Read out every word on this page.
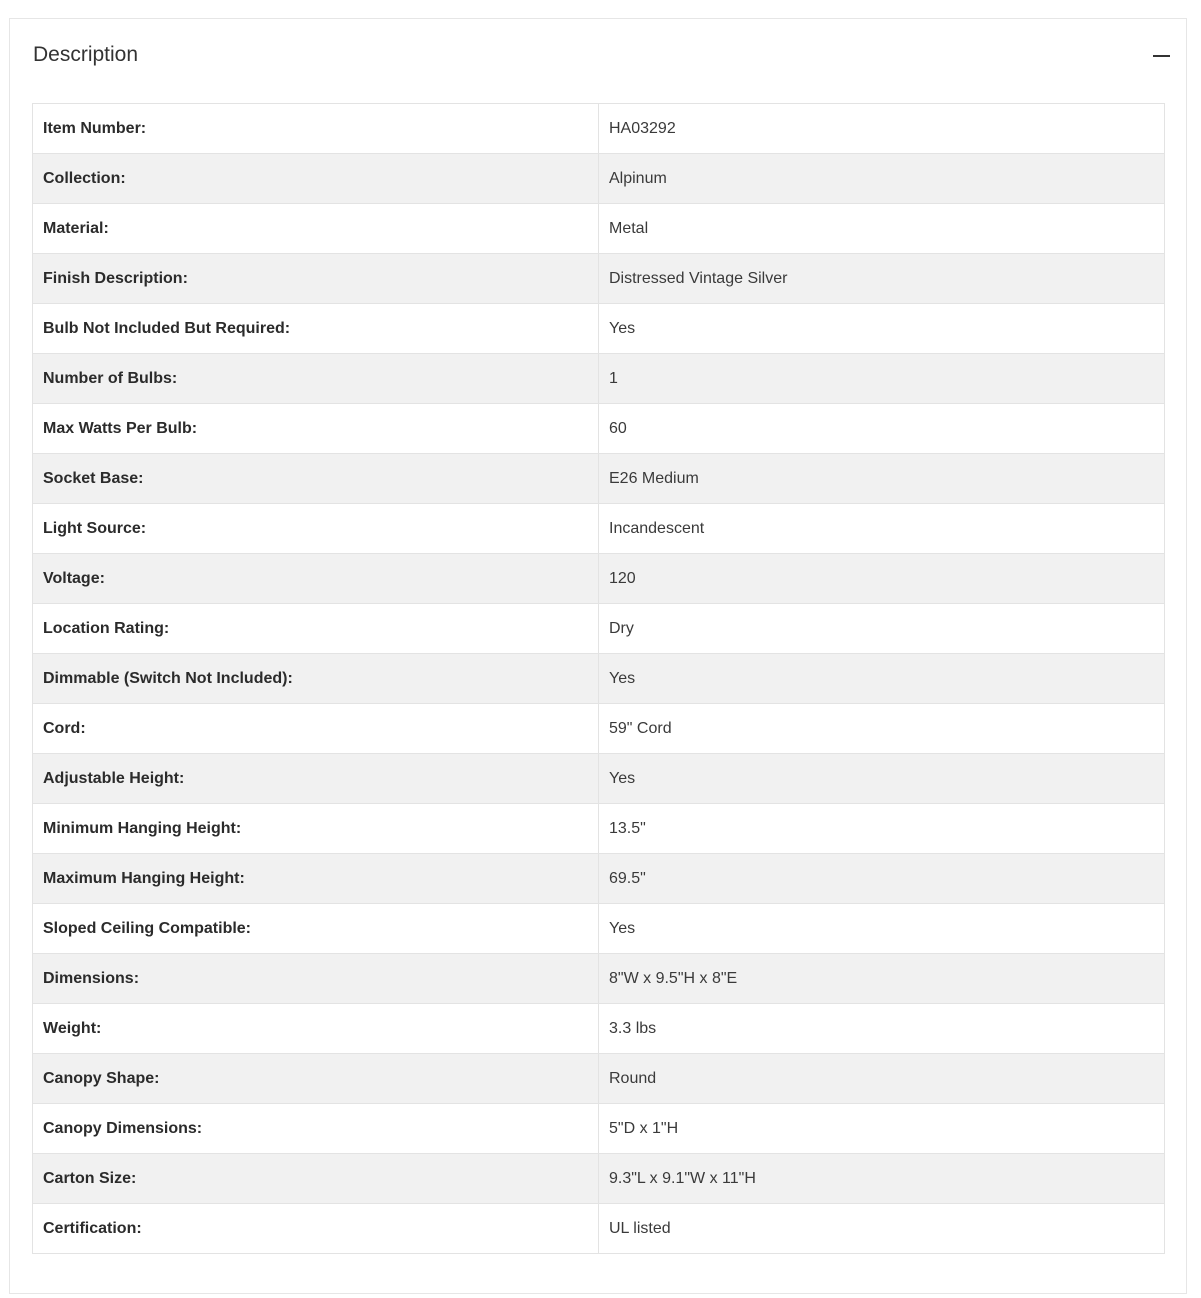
Description
Item Number:	HA03292
Collection:	Alpinum
Material:	Metal
Finish Description:	Distressed Vintage Silver
Bulb Not Included But Required:	Yes
Number of Bulbs:	1
Max Watts Per Bulb:	60
Socket Base:	E26 Medium
Light Source:	Incandescent
Voltage:	120
Location Rating:	Dry
Dimmable (Switch Not Included):	Yes
Cord:	59" Cord
Adjustable Height:	Yes
Minimum Hanging Height:	13.5"
Maximum Hanging Height:	69.5"
Sloped Ceiling Compatible:	Yes
Dimensions:	8"W x 9.5"H x 8"E
Weight:	3.3 lbs
Canopy Shape:	Round
Canopy Dimensions:	5"D x 1"H
Carton Size:	9.3"L x 9.1"W x 11"H
Certification:	UL listed
